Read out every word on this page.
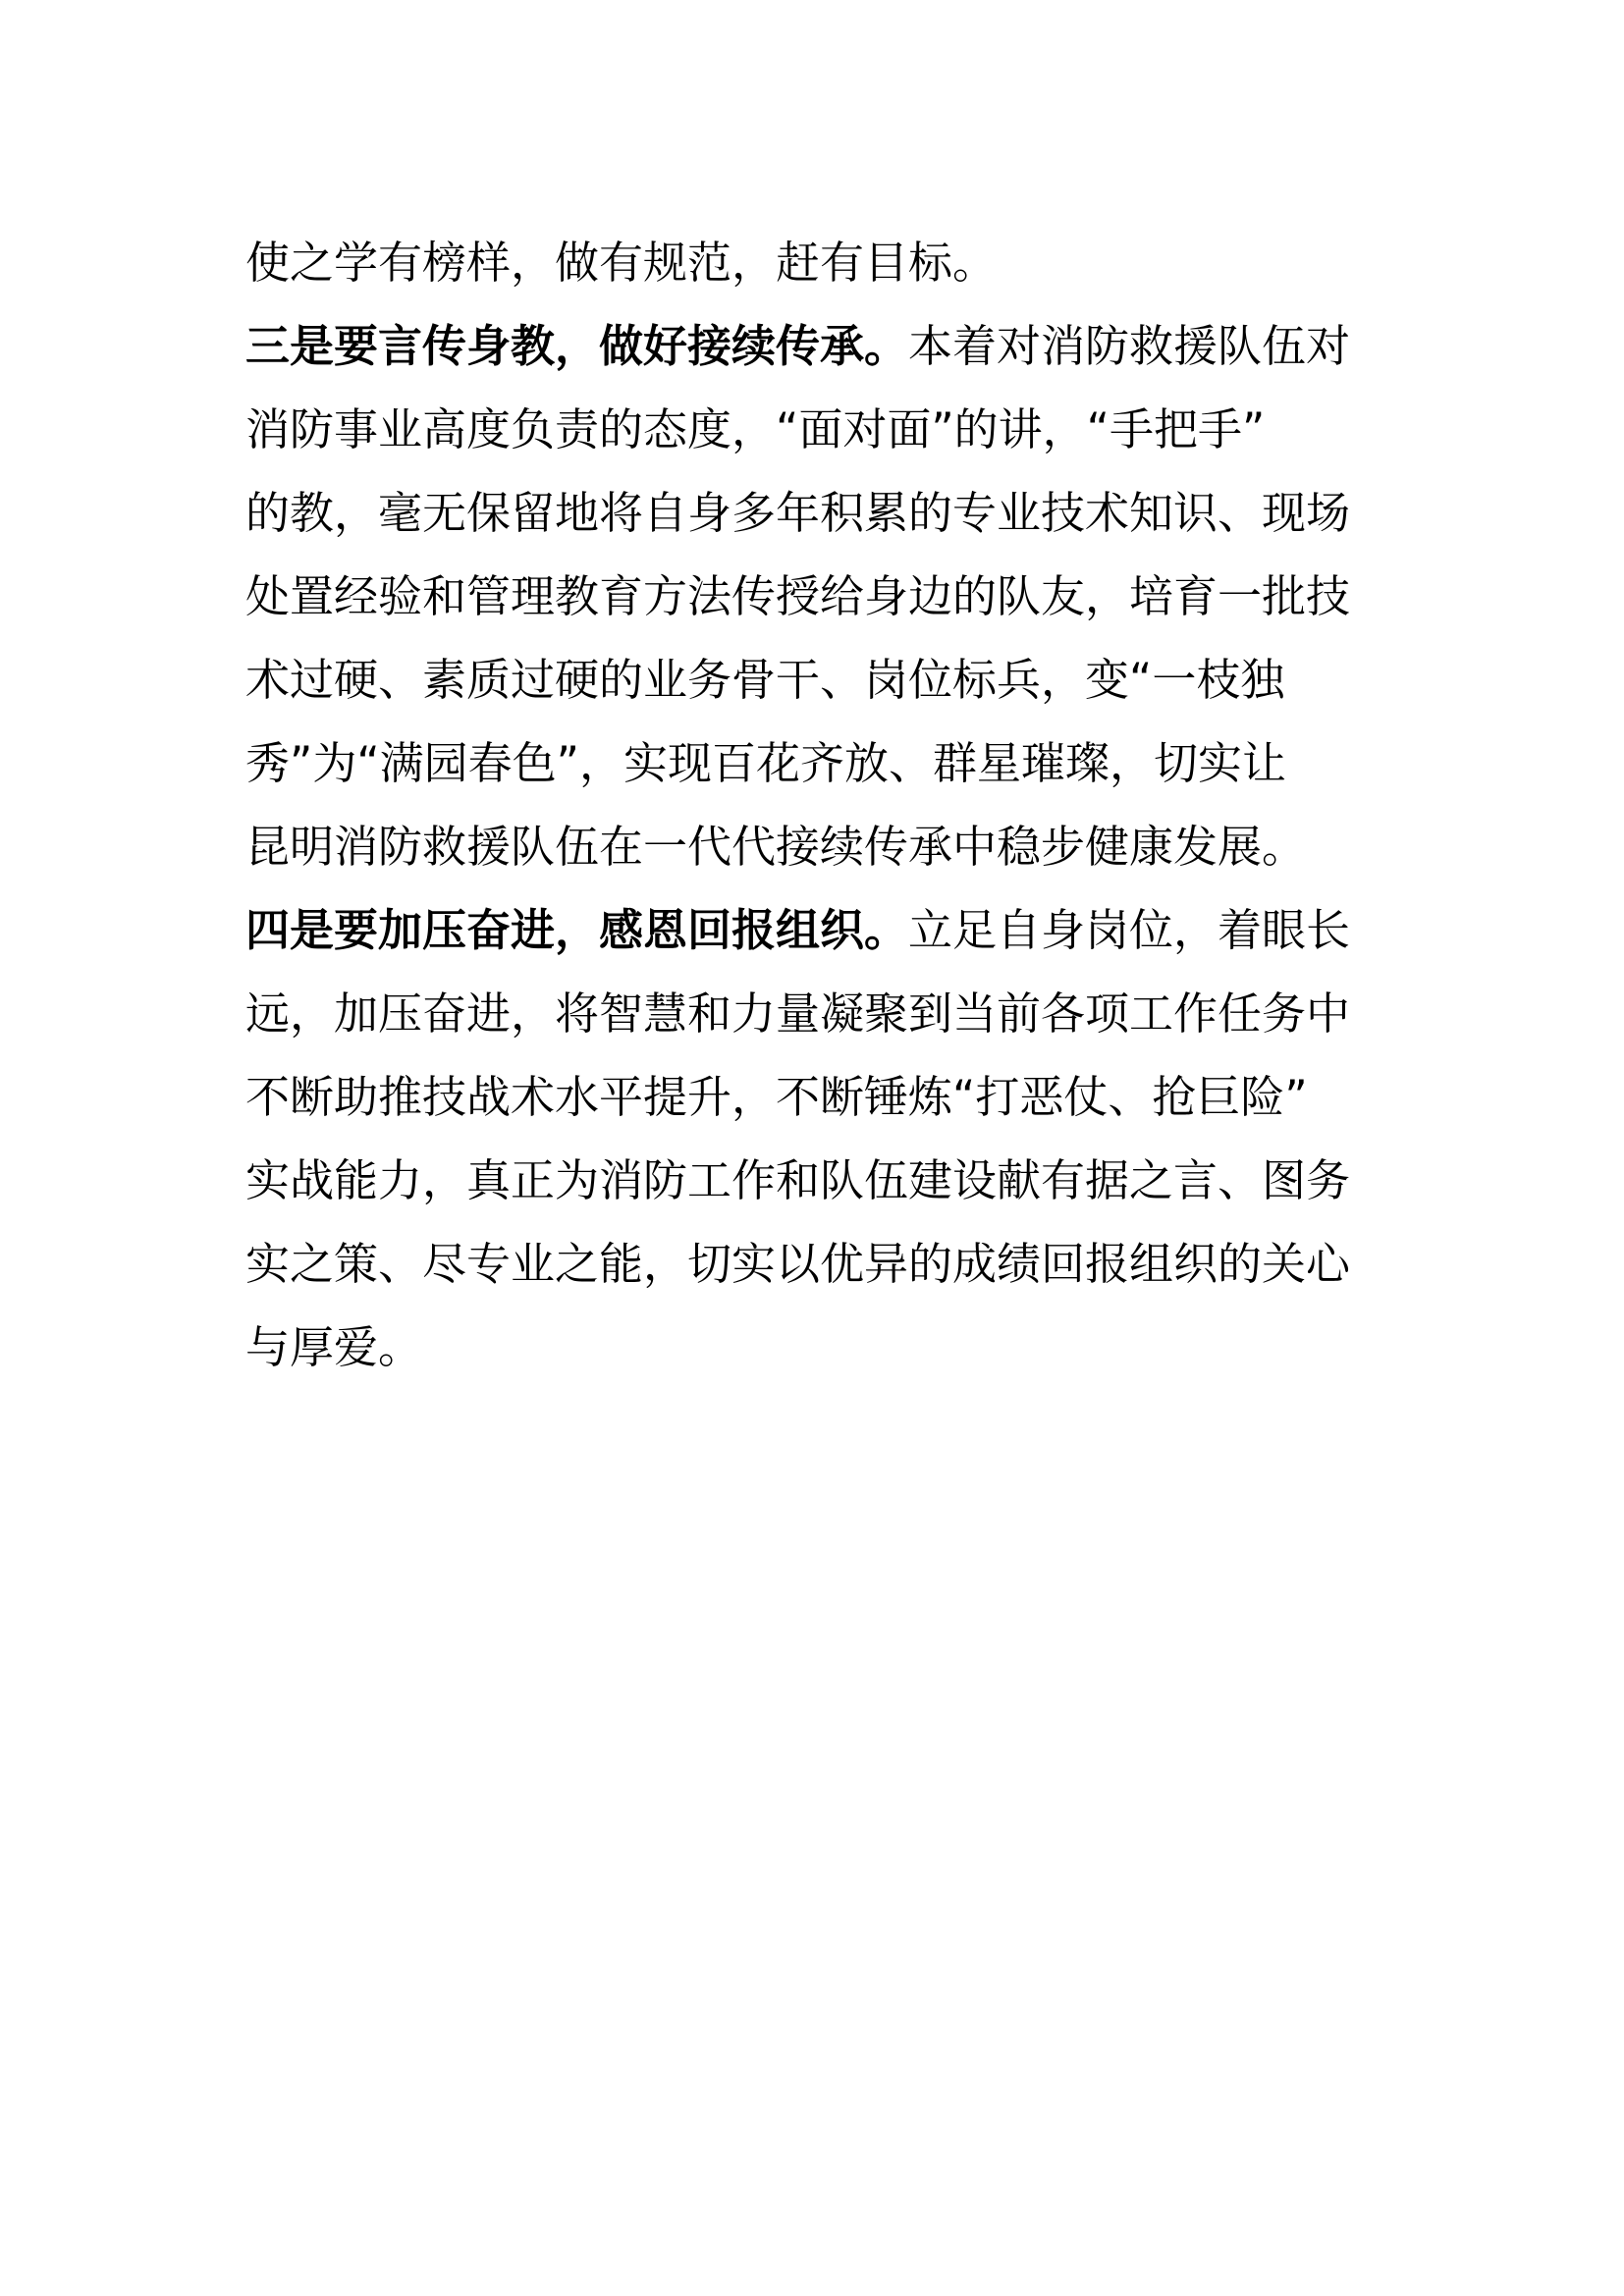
使之学有榜样，做有规范，赶有目标。
三是要言传身教，做好接续传承。本着对消防救援队伍对
消防事业高度负责的态度，“面对面”的讲，“手把手”
的教，毫无保留地将自身多年积累的专业技术知识、现场
处置经验和管理教育方法传授给身边的队友，培育一批技
术过硬、素质过硬的业务骨干、岗位标兵，变“一枝独
秀”为“满园春色”，实现百花齐放、群星璀璨，切实让
昆明消防救援队伍在一代代接续传承中稳步健康发展。
四是要加压奋进，感恩回报组织。立足自身岗位，着眼长
远，加压奋进，将智慧和力量凝聚到当前各项工作任务中
不断助推技战术水平提升，不断锤炼“打恶仗、抢巨险”
实战能力，真正为消防工作和队伍建设献有据之言、图务
实之策、尽专业之能，切实以优异的成绩回报组织的关心
与厚爱。
